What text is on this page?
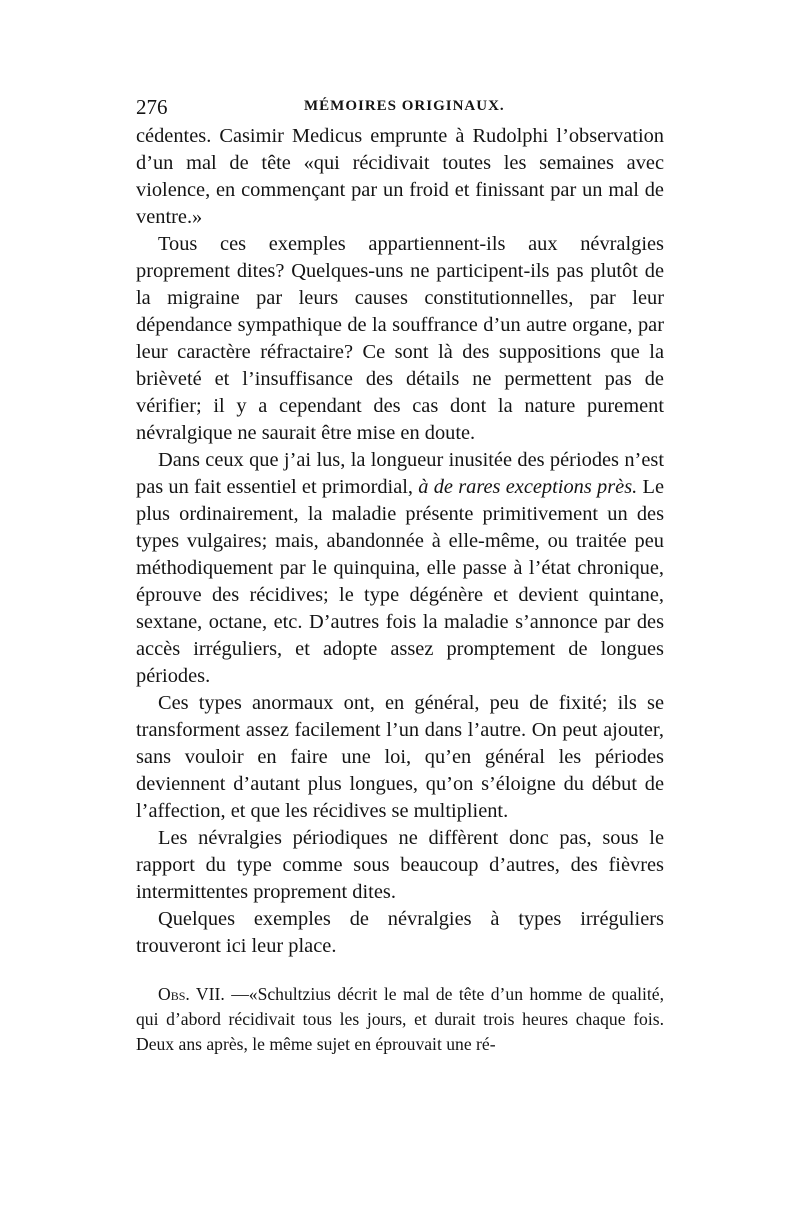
276	MÉMOIRES ORIGINAUX.

cédentes. Casimir Medicus emprunte à Rudolphi l’observation d’un mal de tête «qui récidivait toutes les semaines avec violence, en commençant par un froid et finissant par un mal de ventre.»

Tous ces exemples appartiennent-ils aux névralgies proprement dites? Quelques-uns ne participent-ils pas plutôt de la migraine par leurs causes constitutionnelles, par leur dépendance sympathique de la souffrance d’un autre organe, par leur caractère réfractaire? Ce sont là des suppositions que la brièveté et l’insuffisance des détails ne permettent pas de vérifier; il y a cependant des cas dont la nature purement névralgique ne saurait être mise en doute.

Dans ceux que j’ai lus, la longueur inusitée des périodes n’est pas un fait essentiel et primordial, à de rares exceptions près. Le plus ordinairement, la maladie présente primitivement un des types vulgaires; mais, abandonnée à elle-même, ou traitée peu méthodiquement par le quinquina, elle passe à l’état chronique, éprouve des récidives; le type dégénère et devient quintane, sextane, octane, etc. D’autres fois la maladie s’annonce par des accès irréguliers, et adopte assez promptement de longues périodes.

Ces types anormaux ont, en général, peu de fixité; ils se transforment assez facilement l’un dans l’autre. On peut ajouter, sans vouloir en faire une loi, qu’en général les périodes deviennent d’autant plus longues, qu’on s’éloigne du début de l’affection, et que les récidives se multiplient.

Les névralgies périodiques ne diffèrent donc pas, sous le rapport du type comme sous beaucoup d’autres, des fièvres intermittentes proprement dites.

Quelques exemples de névralgies à types irréguliers trouveront ici leur place.

Obs. VII. —«Schultzius décrit le mal de tête d’un homme de qualité, qui d’abord récidivait tous les jours, et durait trois heures chaque fois. Deux ans après, le même sujet en éprouvait une ré-
